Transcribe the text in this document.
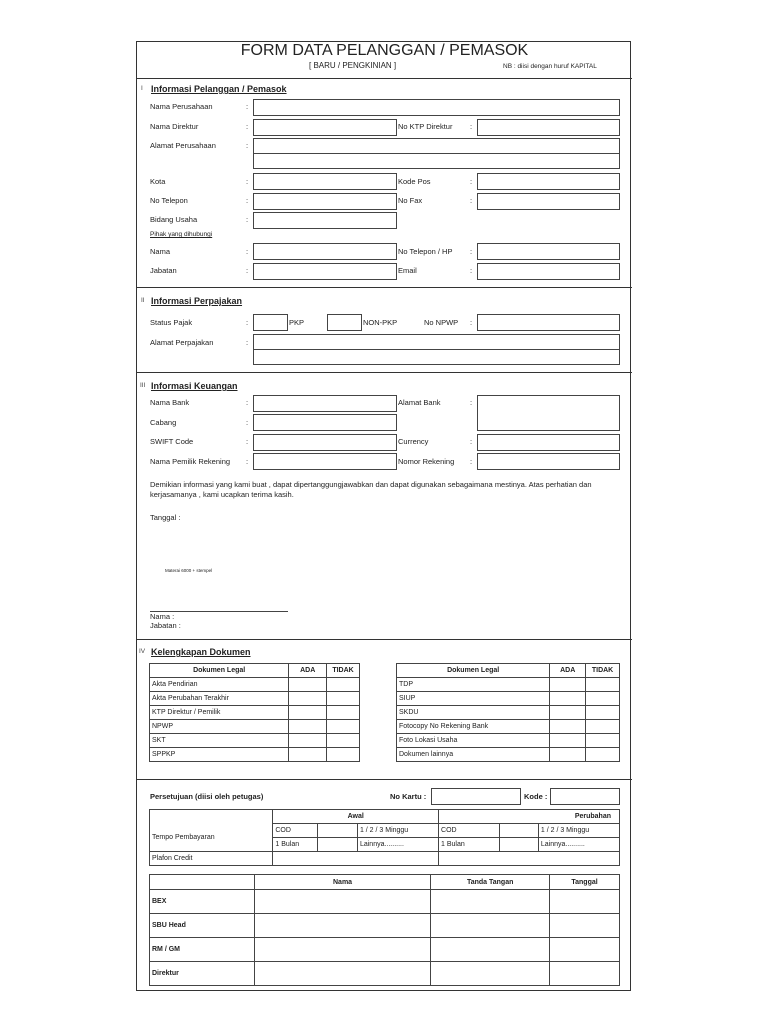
FORM DATA PELANGGAN / PEMASOK
[ BARU / PENGKINIAN ]	NB : diisi dengan huruf KAPITAL
I Informasi Pelanggan / Pemasok
Nama Perusahaan	:
Nama Direktur	:	No KTP Direktur :
Alamat Perusahaan	:
Kota	:	Kode Pos	:
No Telepon	:	No Fax	:
Bidang Usaha	:
Pihak yang dihubungi
Nama	:	No Telepon / HP :
Jabatan	:	Email	:
II Informasi Perpajakan
Status Pajak	:	PKP	NON-PKP	No NPWP :
Alamat Perpajakan	:
III Informasi Keuangan
Nama Bank	:	Alamat Bank	:
Cabang	:
SWIFT Code	:	Currency	:
Nama Pemilik Rekening :	Nomor Rekening :
Demikian informasi yang kami buat , dapat dipertanggungjawabkan dan dapat digunakan sebagaimana mestinya. Atas perhatian dan
kerjasamanya , kami ucapkan terima kasih.
Tanggal :
Materai 6000 + stempel
Nama :
Jabatan :
IV Kelengkapan Dokumen
Dokumen Legal	ADA	TIDAK
Akta Pendirian		
Akta Perubahan Terakhir		
KTP Direktur / Pemilik		
NPWP		
SKT		
SPPKP		
Dokumen Legal	ADA	TIDAK
TDP		
SIUP		
SKDU		
Fotocopy No Rekening Bank		
Foto Lokasi Usaha		
Dokumen lainnya		
Persetujuan (diisi oleh petugas)	No Kartu :	Kode :
	Awal			Perubahan		
Tempo Pembayaran	COD		1 / 2 / 3 Minggu	COD		1 / 2 / 3 Minggu
	1 Bulan		Lainnya..........	1 Bulan		Lainnya..........
Plafon Credit						
	Nama	Tanda Tangan	Tanggal
BEX			
SBU Head			
RM / GM			
Direktur			
